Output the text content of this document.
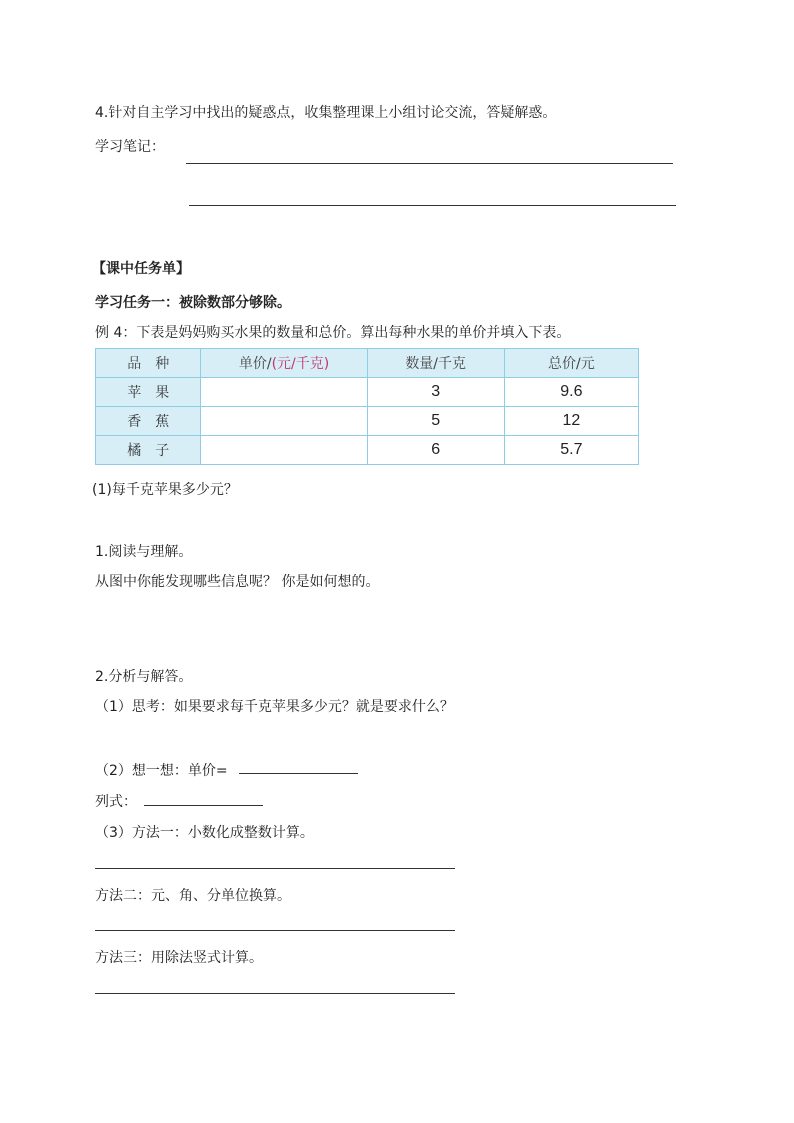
4.针对自主学习中找出的疑惑点，收集整理课上小组讨论交流，答疑解惑。
学习笔记：
【课中任务单】
学习任务一：被除数部分够除。
例 4：下表是妈妈购买水果的数量和总价。算出每种水果的单价并填入下表。
品　种	单价/(元/千克)	数量/千克	总价/元
苹　果		3	9.6
香　蕉		5	12
橘　子		6	5.7
(1)每千克苹果多少元？
1.阅读与理解。
从图中你能发现哪些信息呢？ 你是如何想的。
2.分析与解答。
（1）思考：如果要求每千克苹果多少元？就是要求什么？
（2）想一想：单价=
列式：
（3）方法一：小数化成整数计算。
方法二：元、角、分单位换算。
方法三：用除法竖式计算。
